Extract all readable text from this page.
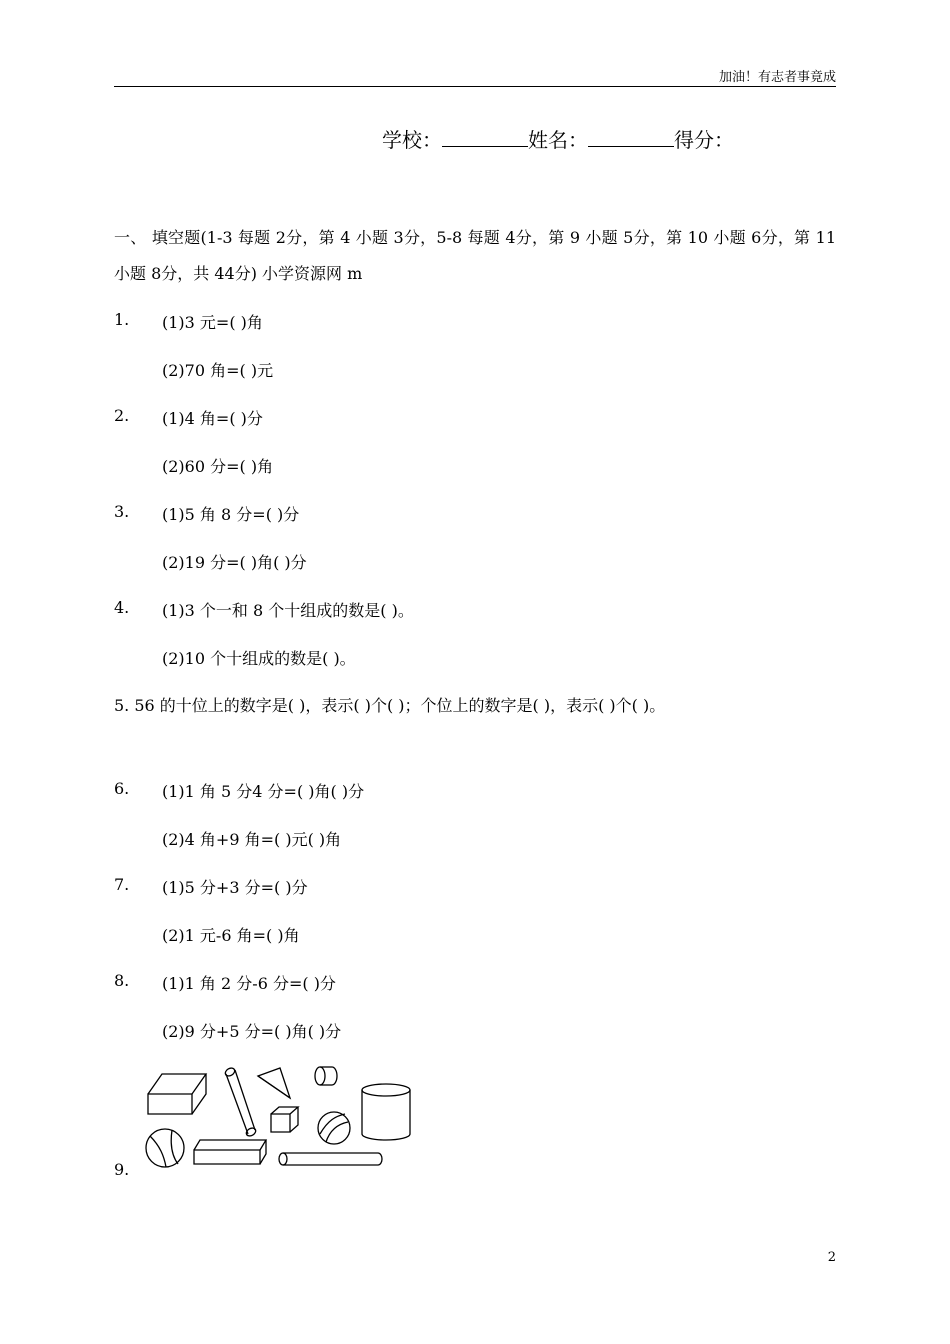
加油！有志者事竟成
学校：	姓名：	得分：
一、 填空题(1-3 每题 2分，第 4 小题 3分，5-8 每题 4分，第 9 小题 5分，第 10 小题 6分，第 11 小题 8分，共 44分) 小学资源网 m
1. (1)3 元=( )角
(2)70 角=( )元
2. (1)4 角=( )分
(2)60 分=( )角
3. (1)5 角 8 分=( )分
(2)19 分=( )角( )分
4. (1)3 个一和 8 个十组成的数是( )。
(2)10 个十组成的数是( )。
5. 56 的十位上的数字是( )，表示( )个( )；个位上的数字是( )，表示( )个( )。
6. (1)1 角 5 分4 分=( )角( )分
(2)4 角+9 角=( )元( )角
7. (1)5 分+3 分=( )分
(2)1 元-6 角=( )角
8. (1)1 角 2 分-6 分=( )分
(2)9 分+5 分=( )角( )分
9.
2
